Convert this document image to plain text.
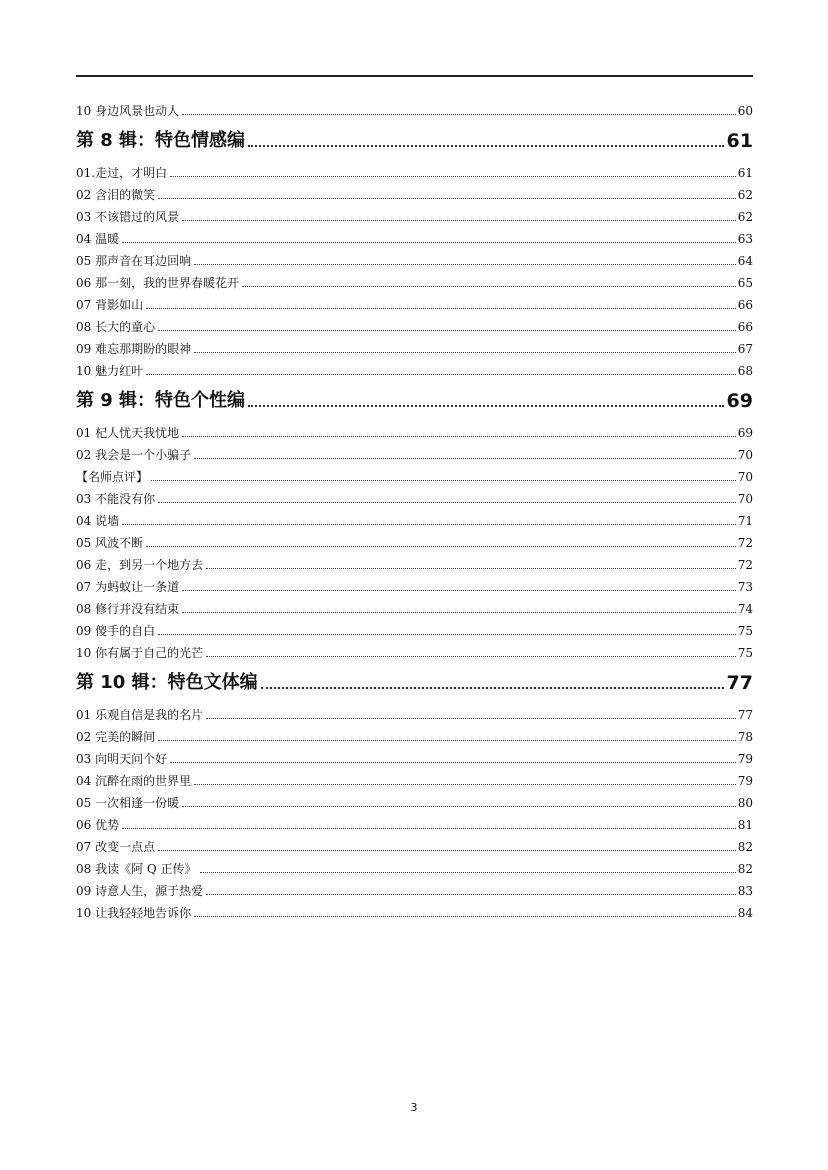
10 身边风景也动人	60
第 8 辑：特色情感编	61
01.走过，才明白	61
02 含泪的微笑	62
03 不该错过的风景	62
04 温暖	63
05 那声音在耳边回响	64
06 那一刻，我的世界春暖花开	65
07 背影如山	66
08 长大的童心	66
09 难忘那期盼的眼神	67
10 魅力红叶	68
第 9 辑：特色个性编	69
01 杞人忧天我忧地	69
02 我会是一个小骗子	70
【名师点评】	70
03 不能没有你	70
04 说墙	71
05 风波不断	72
06 走，到另一个地方去	72
07 为蚂蚁让一条道	73
08 修行并没有结束	74
09 傻手的自白	75
10 你有属于自己的光芒	75
第 10 辑：特色文体编	77
01 乐观自信是我的名片	77
02 完美的瞬间	78
03 向明天问个好	79
04 沉醉在雨的世界里	79
05 一次相逢一份暖	80
06 优势	81
07 改变一点点	82
08 我读《阿 Q 正传》	82
09 诗意人生，源于热爱	83
10 让我轻轻地告诉你	84
3
